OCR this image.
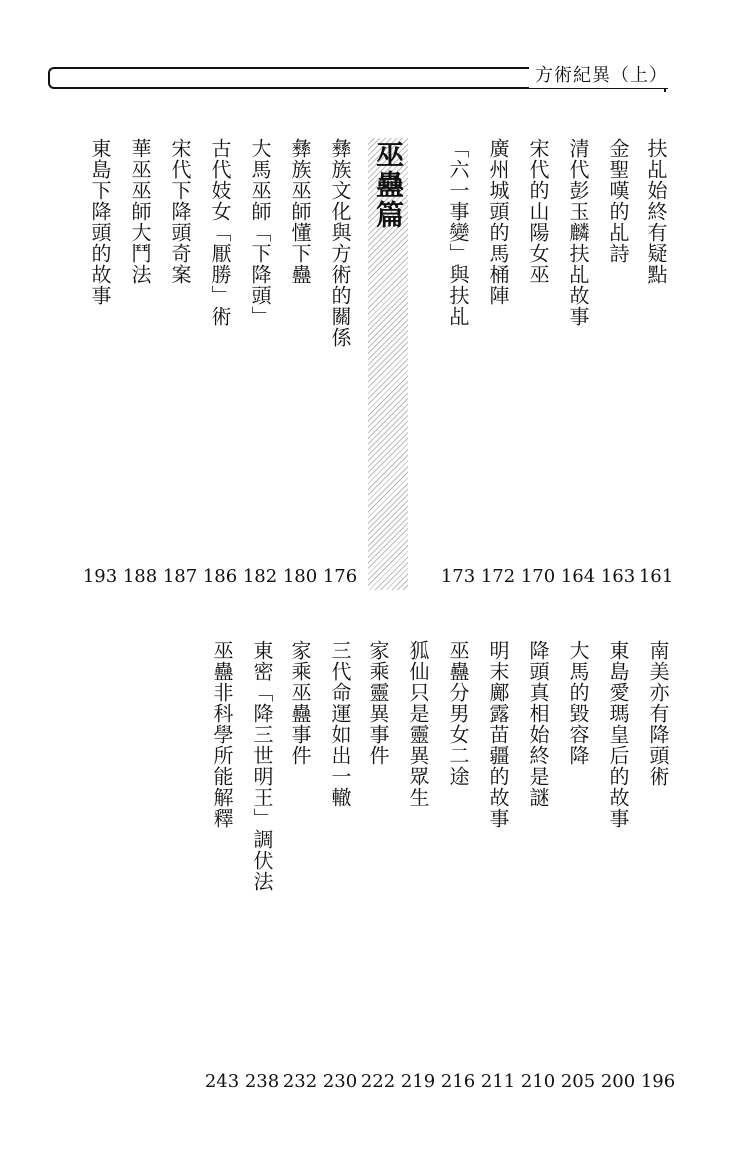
方術紀異（上）
扶乩始終有疑點
161
金聖嘆的乩詩
163
清代彭玉麟扶乩故事
164
宋代的山陽女巫
170
廣州城頭的馬桶陣
172
「六一事變」與扶乩
173
巫蠱篇
彝族文化與方術的關係
176
彝族巫師懂下蠱
180
大馬巫師「下降頭」
182
古代妓女「厭勝」術
186
宋代下降頭奇案
187
華巫巫師大鬥法
188
東島下降頭的故事
193
南美亦有降頭術
196
東島愛瑪皇后的故事
200
大馬的毀容降
205
降頭真相始終是謎
210
明末鄺露苗疆的故事
211
巫蠱分男女二途
216
狐仙只是靈異眾生
219
家乘靈異事件
222
三代命運如出一轍
230
家乘巫蠱事件
232
東密「降三世明王」調伏法
238
巫蠱非科學所能解釋
243
